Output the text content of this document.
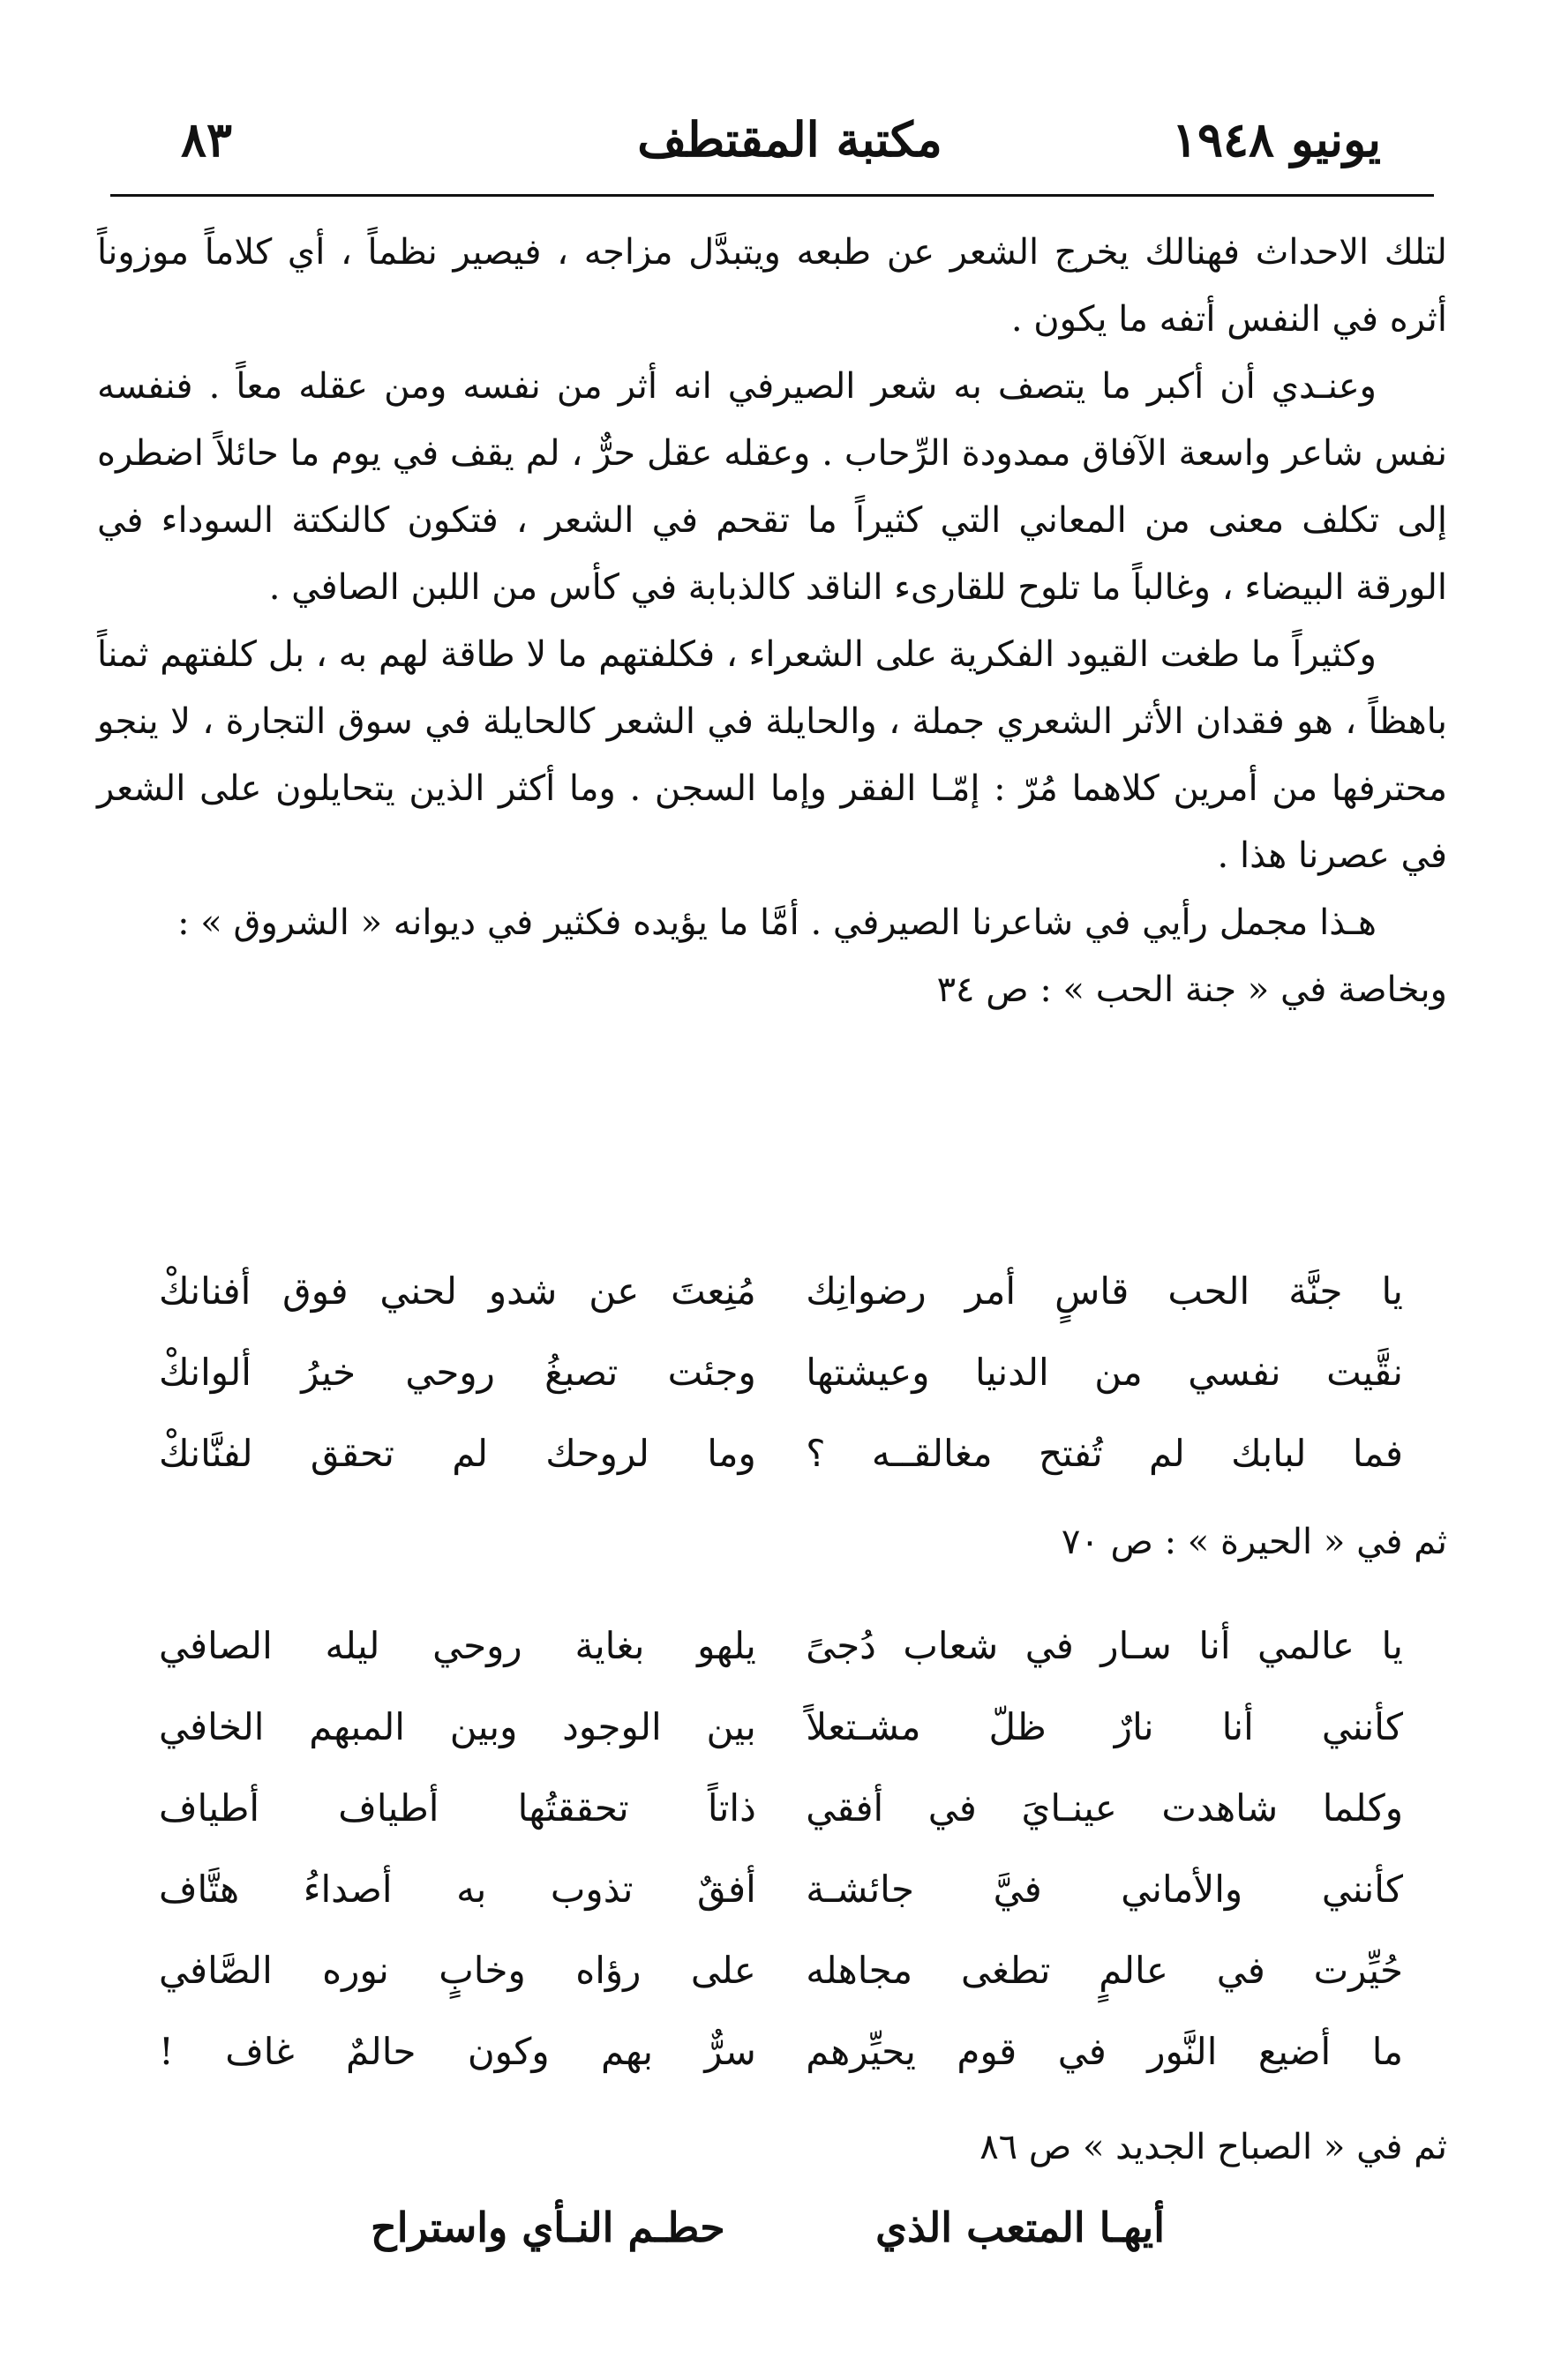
يونيو ١٩٤٨
مكتبة المقتطف
٨٣

لتلك الاحداث فهنالك يخرج الشعر عن طبعه ويتبدَّل مزاجه ، فيصير نظماً ، أي كلاماً موزوناً أثره في النفس أتفه ما يكون .

وعنـدي أن أكبر ما يتصف به شعر الصيرفي انه أثر من نفسه ومن عقله معاً . فنفسه نفس شاعر واسعة الآفاق ممدودة الرِّحاب . وعقله عقل حرٌّ ، لم يقف في يوم ما حائلاً اضطره إلى تكلف معنى من المعاني التي كثيراً ما تقحم في الشعر ، فتكون كالنكتة السوداء في الورقة البيضاء ، وغالباً ما تلوح للقارىء الناقد كالذبابة في كأس من اللبن الصافي .

وكثيراً ما طغت القيود الفكرية على الشعراء ، فكلفتهم ما لا طاقة لهم به ، بل كلفتهم ثمناً باهظاً ، هو فقدان الأثر الشعري جملة ، والحايلة في الشعر كالحايلة في سوق التجارة ، لا ينجو محترفها من أمرين كلاهما مُرّ : إمّـا الفقر وإما السجن . وما أكثر الذين يتحايلون على الشعر في عصرنا هذا .

هـذا مجمل رأيي في شاعرنا الصيرفي . أمَّا ما يؤيده فكثير في ديوانه « الشروق » :

وبخاصة في « جنة الحب » : ص ٣٤

يا جنَّة الحب قاسٍ أمر رضوانِك
مُنِعتَ عن شدو لحني فوق أفنانكْ
نقَّيت نفسي من الدنيا وعيشتها
وجئت تصبغُ روحي خيرُ ألوانكْ
فما لبابك لم تُفتح مغالقــه ؟
وما لروحك لم تحقق لفنَّانكْ
ثم في « الحيرة » : ص ٧٠
يا عالمي أنا سـار في شعاب دُجىً
يلهو بغاية روحي ليله الصافي
كأنني أنا نارٌ ظلّ مشـتعلاً
بين الوجود وبين المبهم الخافي
وكلما شاهدت عينـايَ في أفقي
ذاتاً تحققتُها أطياف أطياف
كأنني والأماني فيَّ جائشـة
أفقٌ تذوب به أصداءُ هتَّاف
حُيِّرت في عالمٍ تطغى مجاهله
على رؤاه وخابٍ نوره الصَّافي
ما أضيع النَّور في قوم يحيِّرهم
سرٌّ بهم وكون حالمٌ غاف !
ثم في « الصباح الجديد » ص ٨٦
أيهـا المتعب الذي
حطـم النـأي واستراح
